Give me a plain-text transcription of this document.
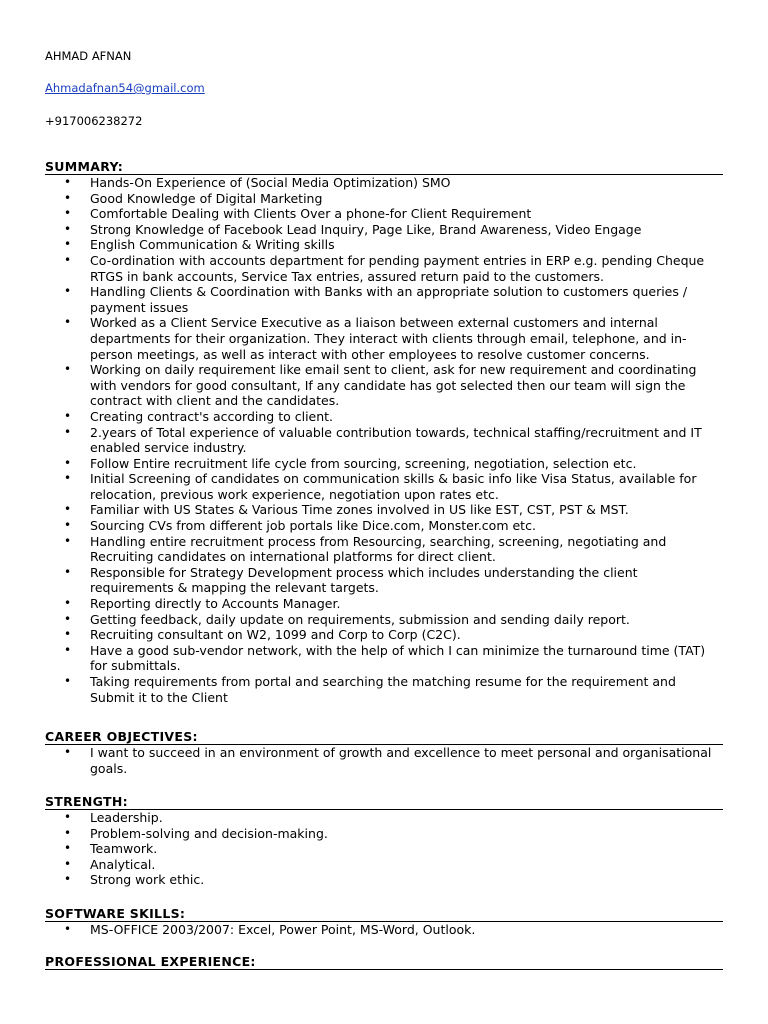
AHMAD AFNAN
Ahmadafnan54@gmail.com
+917006238272
SUMMARY:
• Hands-On Experience of (Social Media Optimization) SMO
• Good Knowledge of Digital Marketing
• Comfortable Dealing with Clients Over a phone-for Client Requirement
• Strong Knowledge of Facebook Lead Inquiry, Page Like, Brand Awareness, Video Engage
• English Communication & Writing skills
• Co-ordination with accounts department for pending payment entries in ERP e.g. pending Cheque RTGS in bank accounts, Service Tax entries, assured return paid to the customers.
• Handling Clients & Coordination with Banks with an appropriate solution to customers queries / payment issues
• Worked as a Client Service Executive as a liaison between external customers and internal departments for their organization. They interact with clients through email, telephone, and in-person meetings, as well as interact with other employees to resolve customer concerns.
• Working on daily requirement like email sent to client, ask for new requirement and coordinating with vendors for good consultant, If any candidate has got selected then our team will sign the contract with client and the candidates.
• Creating contract's according to client.
• 2.years of Total experience of valuable contribution towards, technical staffing/recruitment and IT enabled service industry.
• Follow Entire recruitment life cycle from sourcing, screening, negotiation, selection etc.
• Initial Screening of candidates on communication skills & basic info like Visa Status, available for relocation, previous work experience, negotiation upon rates etc.
• Familiar with US States & Various Time zones involved in US like EST, CST, PST & MST.
• Sourcing CVs from different job portals like Dice.com, Monster.com etc.
• Handling entire recruitment process from Resourcing, searching, screening, negotiating and Recruiting candidates on international platforms for direct client.
• Responsible for Strategy Development process which includes understanding the client requirements & mapping the relevant targets.
• Reporting directly to Accounts Manager.
• Getting feedback, daily update on requirements, submission and sending daily report.
• Recruiting consultant on W2, 1099 and Corp to Corp (C2C).
• Have a good sub-vendor network, with the help of which I can minimize the turnaround time (TAT) for submittals.
• Taking requirements from portal and searching the matching resume for the requirement and Submit it to the Client
CAREER OBJECTIVES:
• I want to succeed in an environment of growth and excellence to meet personal and organisational goals.
STRENGTH:
• Leadership.
• Problem-solving and decision-making.
• Teamwork.
• Analytical.
• Strong work ethic.
SOFTWARE SKILLS:
• MS-OFFICE 2003/2007: Excel, Power Point, MS-Word, Outlook.
PROFESSIONAL EXPERIENCE:
